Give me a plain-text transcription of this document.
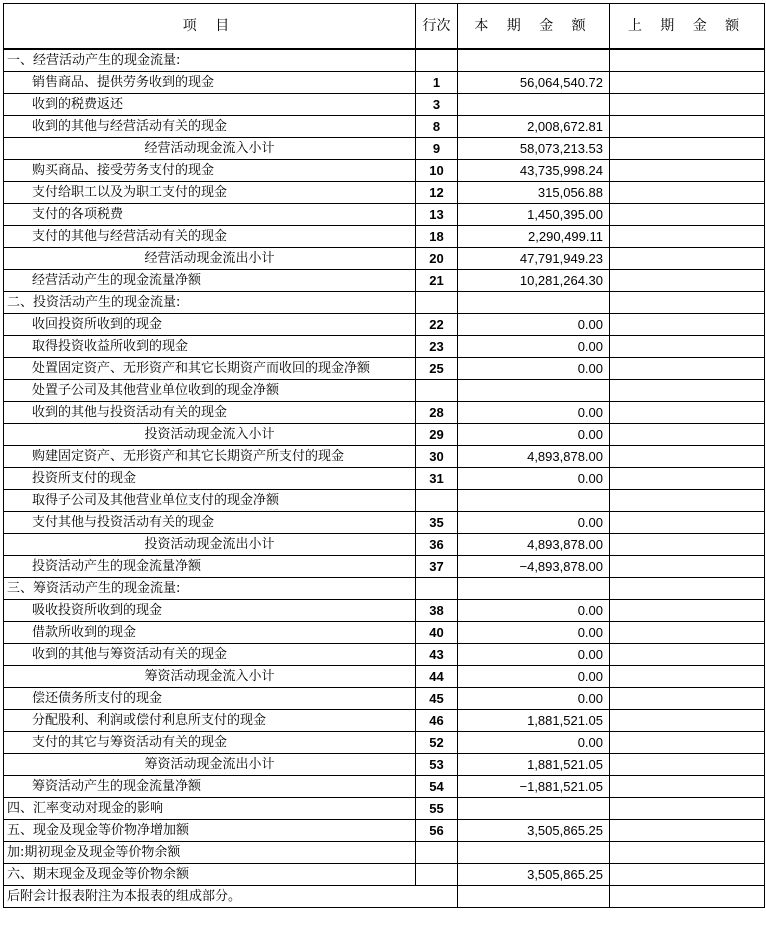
项 目	行次	本 期 金 额	上 期 金 额
一、经营活动产生的现金流量:			
销售商品、提供劳务收到的现金	1	56,064,540.72	
收到的税费返还	3		
收到的其他与经营活动有关的现金	8	2,008,672.81	
经营活动现金流入小计	9	58,073,213.53	
购买商品、接受劳务支付的现金	10	43,735,998.24	
支付给职工以及为职工支付的现金	12	315,056.88	
支付的各项税费	13	1,450,395.00	
支付的其他与经营活动有关的现金	18	2,290,499.11	
经营活动现金流出小计	20	47,791,949.23	
经营活动产生的现金流量净额	21	10,281,264.30	
二、投资活动产生的现金流量:			
收回投资所收到的现金	22	0.00	
取得投资收益所收到的现金	23	0.00	
处置固定资产、无形资产和其它长期资产而收回的现金净额	25	0.00	
处置子公司及其他营业单位收到的现金净额			
收到的其他与投资活动有关的现金	28	0.00	
投资活动现金流入小计	29	0.00	
购建固定资产、无形资产和其它长期资产所支付的现金	30	4,893,878.00	
投资所支付的现金	31	0.00	
取得子公司及其他营业单位支付的现金净额			
支付其他与投资活动有关的现金	35	0.00	
投资活动现金流出小计	36	4,893,878.00	
投资活动产生的现金流量净额	37	−4,893,878.00	
三、筹资活动产生的现金流量:			
吸收投资所收到的现金	38	0.00	
借款所收到的现金	40	0.00	
收到的其他与筹资活动有关的现金	43	0.00	
筹资活动现金流入小计	44	0.00	
偿还债务所支付的现金	45	0.00	
分配股利、利润或偿付利息所支付的现金	46	1,881,521.05	
支付的其它与筹资活动有关的现金	52	0.00	
筹资活动现金流出小计	53	1,881,521.05	
筹资活动产生的现金流量净额	54	−1,881,521.05	
四、汇率变动对现金的影响	55		
五、现金及现金等价物净增加额	56	3,505,865.25	
加:期初现金及现金等价物余额			
六、期末现金及现金等价物余额		3,505,865.25	
后附会计报表附注为本报表的组成部分。			
